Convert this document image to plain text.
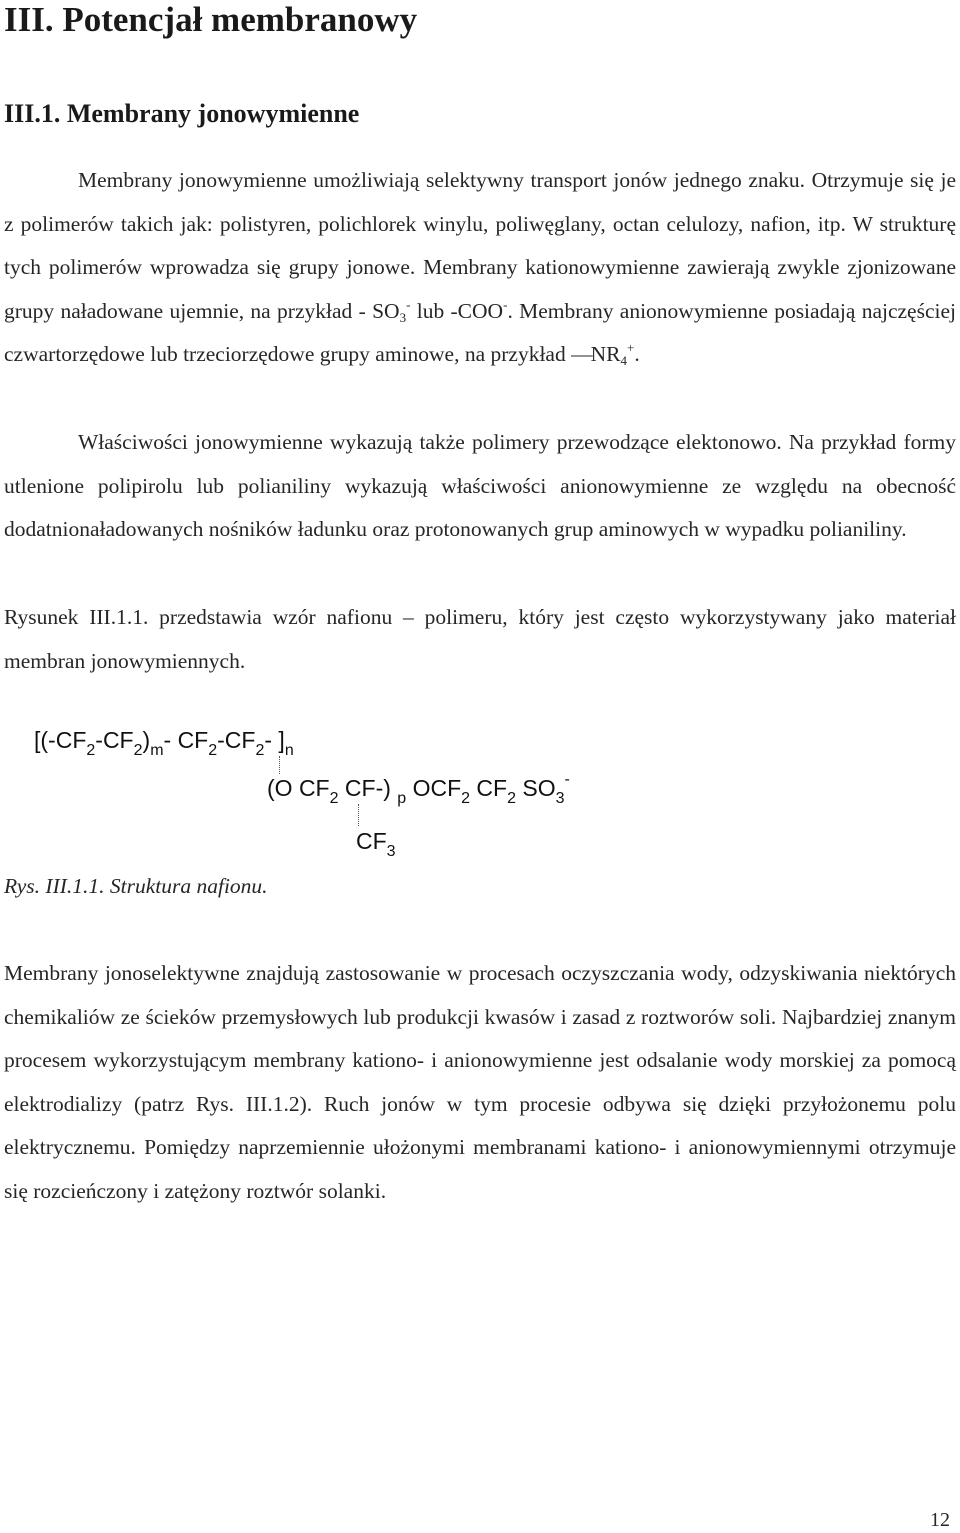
III. Potencjał membranowy
III.1. Membrany jonowymienne

Membrany jonowymienne umożliwiają selektywny transport jonów jednego znaku. Otrzymuje się je z polimerów takich jak: polistyren, polichlorek winylu, poliwęglany, octan celulozy, nafion, itp. W strukturę tych polimerów wprowadza się grupy jonowe. Membrany kationowymienne zawierają zwykle zjonizowane grupy naładowane ujemnie, na przykład - $SO_3^-$ lub -COO-. Membrany anionowymienne posiadają najczęściej czwartorzędowe lub trzeciorzędowe grupy aminowe, na przykład — $NR_4^+$.

Właściwości jonowymienne wykazują także polimery przewodzące elektonowo. Na przykład formy utlenione polipirolu lub polianiliny wykazują właściwości anionowymienne ze względu na obecność dodatnionaładowanych nośników ładunku oraz protonowanych grup aminowych w wypadku polianiliny.

Rysunek III.1.1. przedstawia wzór nafionu – polimeru, który jest często wykorzystywany jako materiał membran jonowymiennych.

[$(-CF_2-CF_2)_m-$ $CF_2-CF_2-$ ]$_n$
(O $CF_2$ CF-) $_p$ $OCF_2$ $CF_2$ $SO_3^-$
$CF_3$
Rys. III.1.1. Struktura nafionu.

Membrany jonoselektywne znajdują zastosowanie w procesach oczyszczania wody, odzyskiwania niektórych chemikaliów ze ścieków przemysłowych lub produkcji kwasów i zasad z roztworów soli. Najbardziej znanym procesem wykorzystującym membrany kationo- i anionowymienne jest odsalanie wody morskiej za pomocą elektrodializy (patrz Rys. III.1.2). Ruch jonów w tym procesie odbywa się dzięki przyłożonemu polu elektrycznemu. Pomiędzy naprzemiennie ułożonymi membranami kationo- i anionowymiennymi otrzymuje się rozcieńczony i zatężony roztwór solanki.

12
